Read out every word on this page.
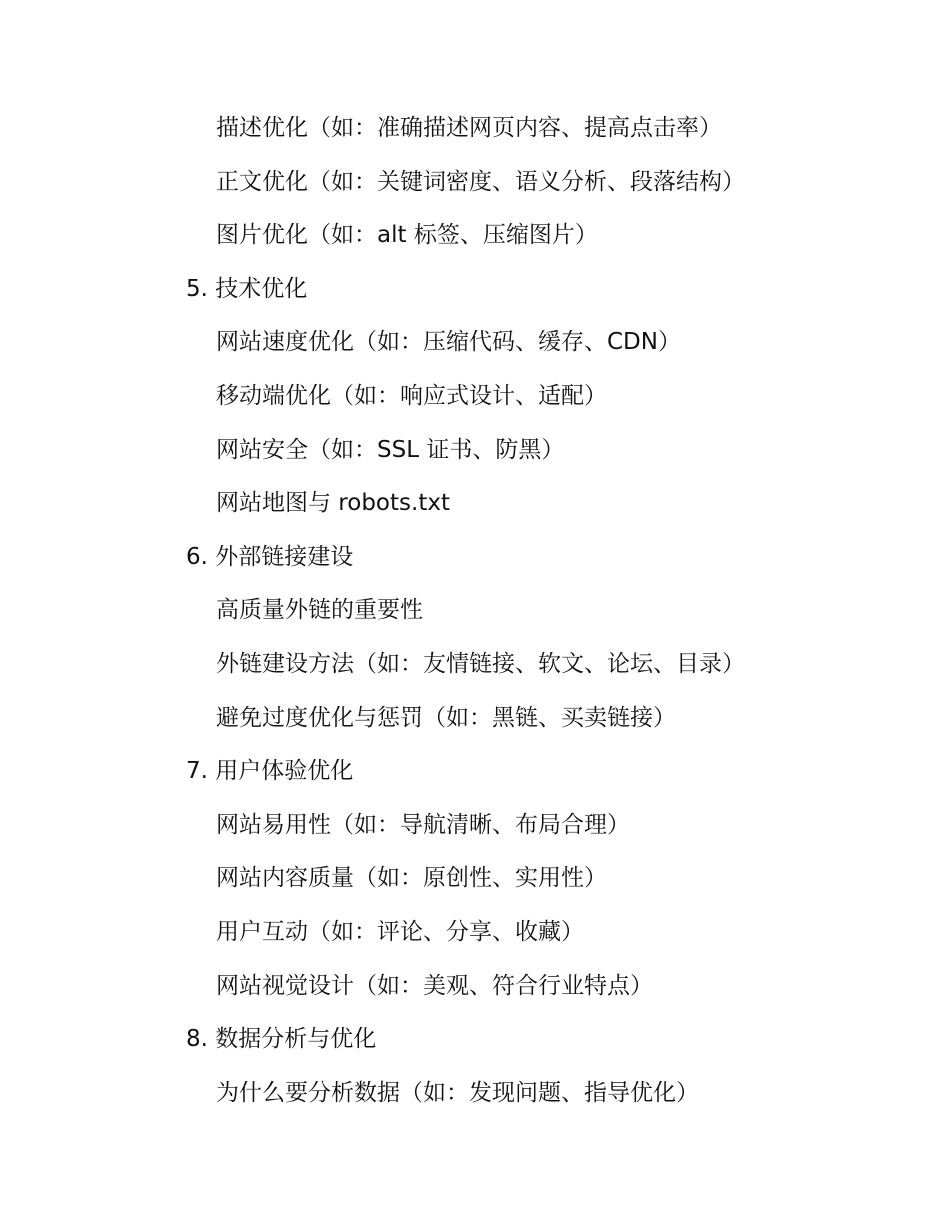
描述优化（如：准确描述网页内容、提高点击率）
正文优化（如：关键词密度、语义分析、段落结构）
图片优化（如：alt 标签、压缩图片）
5. 技术优化
网站速度优化（如：压缩代码、缓存、CDN）
移动端优化（如：响应式设计、适配）
网站安全（如：SSL 证书、防黑）
网站地图与 robots.txt
6. 外部链接建设
高质量外链的重要性
外链建设方法（如：友情链接、软文、论坛、目录）
避免过度优化与惩罚（如：黑链、买卖链接）
7. 用户体验优化
网站易用性（如：导航清晰、布局合理）
网站内容质量（如：原创性、实用性）
用户互动（如：评论、分享、收藏）
网站视觉设计（如：美观、符合行业特点）
8. 数据分析与优化
为什么要分析数据（如：发现问题、指导优化）
